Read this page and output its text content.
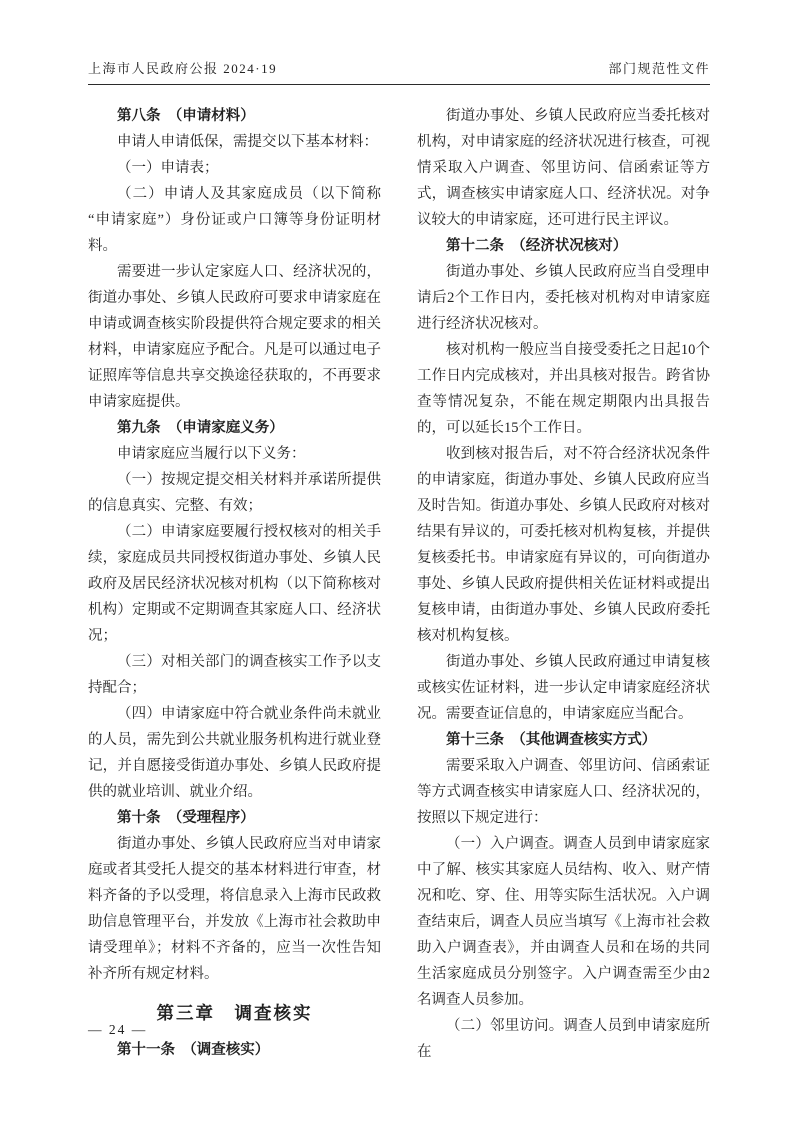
上海市人民政府公报 2024·19	部门规范性文件

第八条　（申请材料）

申请人申请低保，需提交以下基本材料：

（一）申请表；

（二）申请人及其家庭成员（以下简称“申请家庭”）身份证或户口簿等身份证明材料。

需要进一步认定家庭人口、经济状况的，街道办事处、乡镇人民政府可要求申请家庭在申请或调查核实阶段提供符合规定要求的相关材料，申请家庭应予配合。凡是可以通过电子证照库等信息共享交换途径获取的，不再要求申请家庭提供。

第九条　（申请家庭义务）

申请家庭应当履行以下义务：

（一）按规定提交相关材料并承诺所提供的信息真实、完整、有效；

（二）申请家庭要履行授权核对的相关手续，家庭成员共同授权街道办事处、乡镇人民政府及居民经济状况核对机构（以下简称核对机构）定期或不定期调查其家庭人口、经济状况；

（三）对相关部门的调查核实工作予以支持配合；

（四）申请家庭中符合就业条件尚未就业的人员，需先到公共就业服务机构进行就业登记，并自愿接受街道办事处、乡镇人民政府提供的就业培训、就业介绍。

第十条　（受理程序）

街道办事处、乡镇人民政府应当对申请家庭或者其受托人提交的基本材料进行审查，材料齐备的予以受理，将信息录入上海市民政救助信息管理平台，并发放《上海市社会救助申请受理单》；材料不齐备的，应当一次性告知补齐所有规定材料。

第三章　调查核实

第十一条　（调查核实）

街道办事处、乡镇人民政府应当委托核对机构，对申请家庭的经济状况进行核查，可视情采取入户调查、邻里访问、信函索证等方式，调查核实申请家庭人口、经济状况。对争议较大的申请家庭，还可进行民主评议。

第十二条　（经济状况核对）

街道办事处、乡镇人民政府应当自受理申请后2个工作日内，委托核对机构对申请家庭进行经济状况核对。

核对机构一般应当自接受委托之日起10个工作日内完成核对，并出具核对报告。跨省协查等情况复杂，不能在规定期限内出具报告的，可以延长15个工作日。

收到核对报告后，对不符合经济状况条件的申请家庭，街道办事处、乡镇人民政府应当及时告知。街道办事处、乡镇人民政府对核对结果有异议的，可委托核对机构复核，并提供复核委托书。申请家庭有异议的，可向街道办事处、乡镇人民政府提供相关佐证材料或提出复核申请，由街道办事处、乡镇人民政府委托核对机构复核。

街道办事处、乡镇人民政府通过申请复核或核实佐证材料，进一步认定申请家庭经济状况。需要查证信息的，申请家庭应当配合。

第十三条　（其他调查核实方式）

需要采取入户调查、邻里访问、信函索证等方式调查核实申请家庭人口、经济状况的，按照以下规定进行：

（一）入户调查。调查人员到申请家庭家中了解、核实其家庭人员结构、收入、财产情况和吃、穿、住、用等实际生活状况。入户调查结束后，调查人员应当填写《上海市社会救助入户调查表》，并由调查人员和在场的共同生活家庭成员分别签字。入户调查需至少由2名调查人员参加。

（二）邻里访问。调查人员到申请家庭所在

— 24 —
